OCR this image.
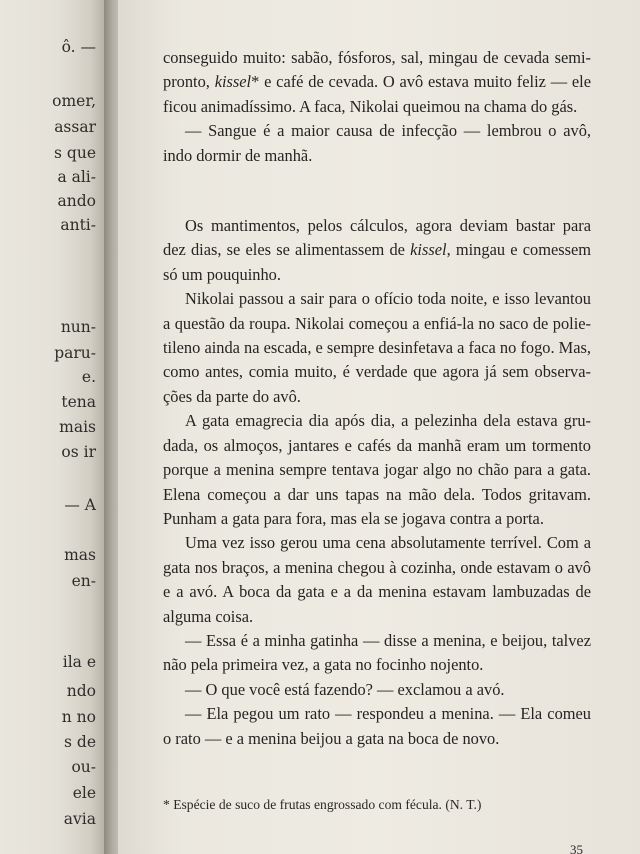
ô. —
omer,
assar
s que
a ali-
ando
anti-
nun-
paru-
e.
tena
mais
os ir
— A
mas
en-
ila e
ndo
n no
s de
ou-
ele
avia

conseguido muito: sabão, fósforos, sal, mingau de cevada semi-pronto, kissel* e café de cevada. O avô estava muito feliz — ele ficou animadíssimo. A faca, Nikolai queimou na chama do gás.

— Sangue é a maior causa de infecção — lembrou o avô, indo dormir de manhã.

Os mantimentos, pelos cálculos, agora deviam bastar para dez dias, se eles se alimentassem de kissel, mingau e comessem só um pouquinho.

Nikolai passou a sair para o ofício toda noite, e isso levantou a questão da roupa. Nikolai começou a enfiá-la no saco de polietileno ainda na escada, e sempre desinfetava a faca no fogo. Mas, como antes, comia muito, é verdade que agora já sem observações da parte do avô.

A gata emagrecia dia após dia, a pelezinha dela estava grudada, os almoços, jantares e cafés da manhã eram um tormento porque a menina sempre tentava jogar algo no chão para a gata. Elena começou a dar uns tapas na mão dela. Todos gritavam. Punham a gata para fora, mas ela se jogava contra a porta.

Uma vez isso gerou uma cena absolutamente terrível. Com a gata nos braços, a menina chegou à cozinha, onde estavam o avô e a avó. A boca da gata e a da menina estavam lambuzadas de alguma coisa.

— Essa é a minha gatinha — disse a menina, e beijou, talvez não pela primeira vez, a gata no focinho nojento.

— O que você está fazendo? — exclamou a avó.

— Ela pegou um rato — respondeu a menina. — Ela comeu o rato — e a menina beijou a gata na boca de novo.

* Espécie de suco de frutas engrossado com fécula. (N. T.)
35
